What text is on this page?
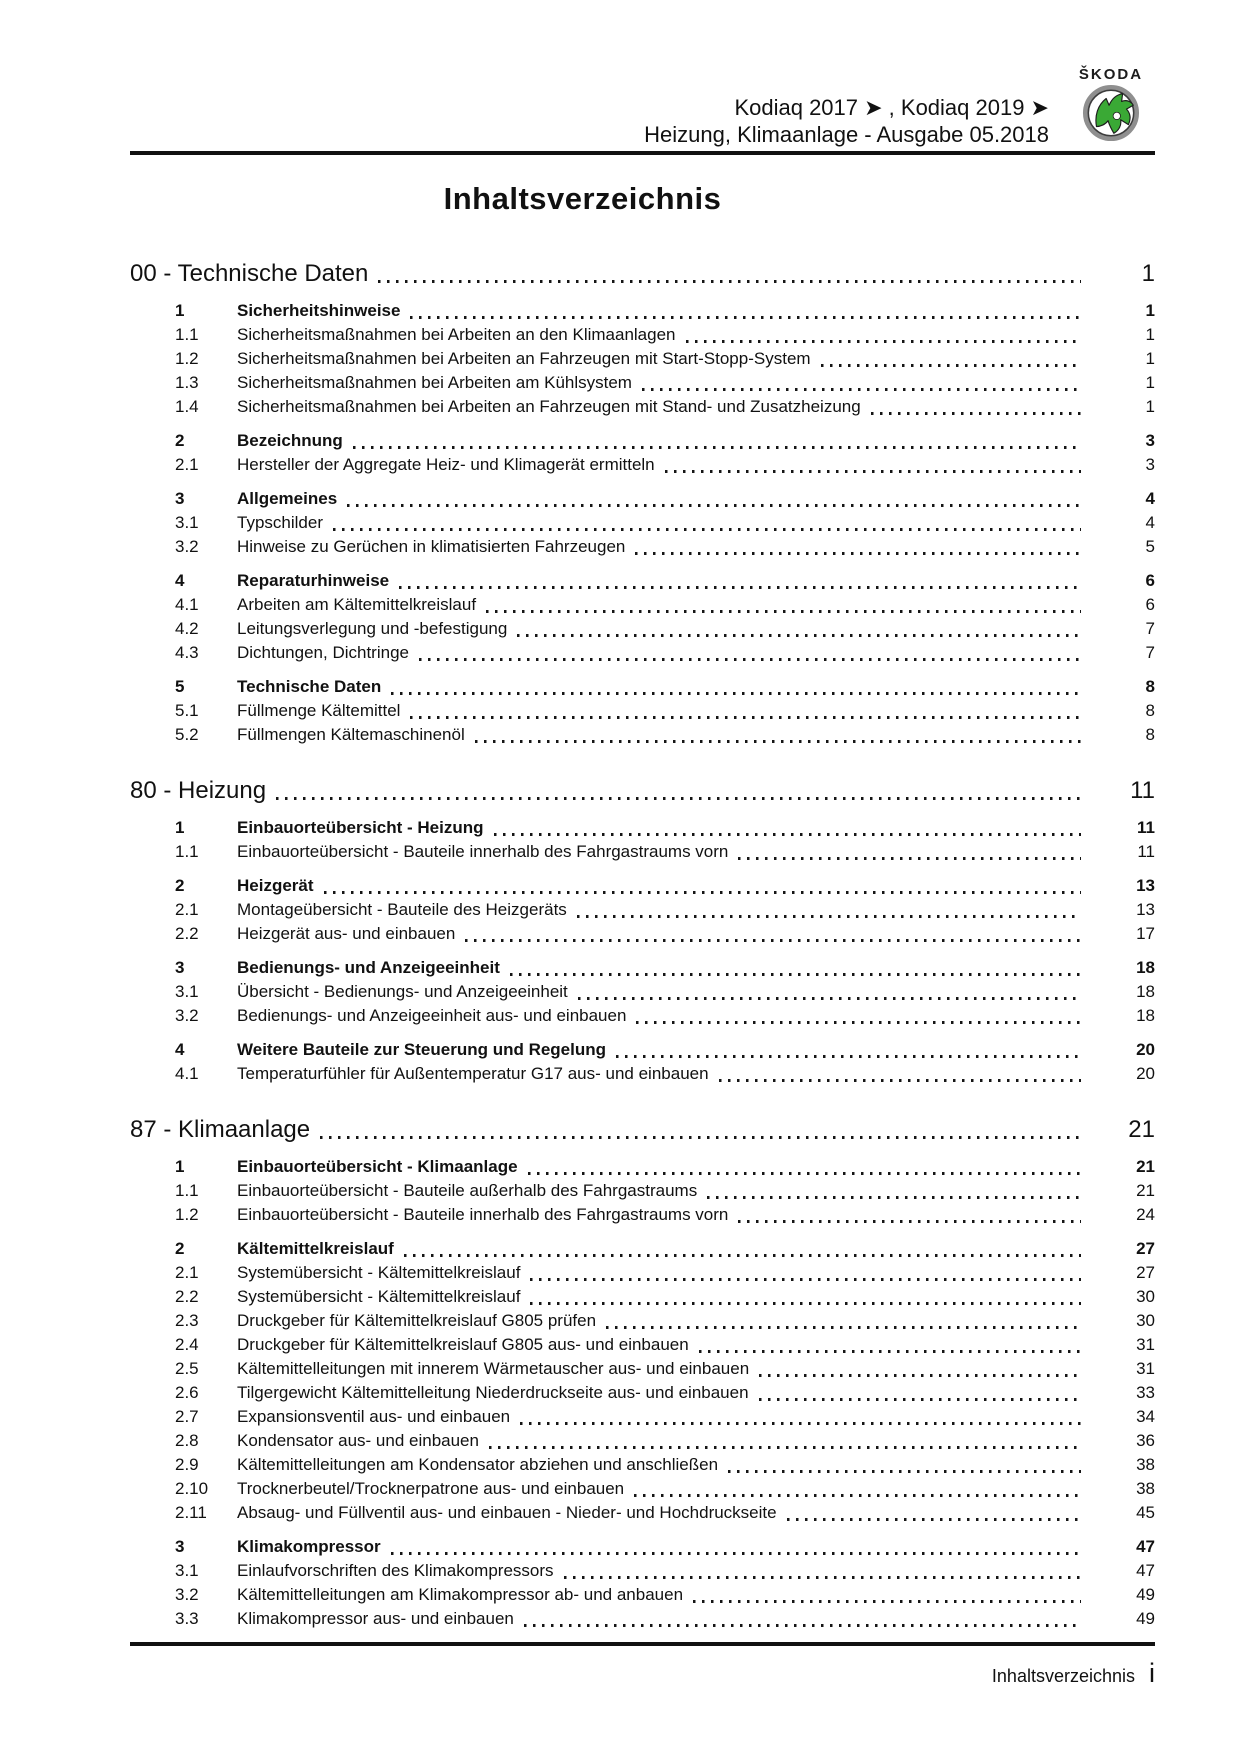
Kodiaq 2017 ➤ , Kodiaq 2019 ➤
Heizung, Klimaanlage - Ausgabe 05.2018
ŠKODA
Inhaltsverzeichnis
00 - Technische Daten	1
1	Sicherheitshinweise	1
1.1	Sicherheitsmaßnahmen bei Arbeiten an den Klimaanlagen	1
1.2	Sicherheitsmaßnahmen bei Arbeiten an Fahrzeugen mit Start-Stopp-System	1
1.3	Sicherheitsmaßnahmen bei Arbeiten am Kühlsystem	1
1.4	Sicherheitsmaßnahmen bei Arbeiten an Fahrzeugen mit Stand- und Zusatzheizung	1
2	Bezeichnung	3
2.1	Hersteller der Aggregate Heiz- und Klimagerät ermitteln	3
3	Allgemeines	4
3.1	Typschilder	4
3.2	Hinweise zu Gerüchen in klimatisierten Fahrzeugen	5
4	Reparaturhinweise	6
4.1	Arbeiten am Kältemittelkreislauf	6
4.2	Leitungsverlegung und -befestigung	7
4.3	Dichtungen, Dichtringe	7
5	Technische Daten	8
5.1	Füllmenge Kältemittel	8
5.2	Füllmengen Kältemaschinenöl	8
80 - Heizung	11
1	Einbauorteübersicht - Heizung	11
1.1	Einbauorteübersicht - Bauteile innerhalb des Fahrgastraums vorn	11
2	Heizgerät	13
2.1	Montageübersicht - Bauteile des Heizgeräts	13
2.2	Heizgerät aus- und einbauen	17
3	Bedienungs- und Anzeigeeinheit	18
3.1	Übersicht - Bedienungs- und Anzeigeeinheit	18
3.2	Bedienungs- und Anzeigeeinheit aus- und einbauen	18
4	Weitere Bauteile zur Steuerung und Regelung	20
4.1	Temperaturfühler für Außentemperatur G17 aus- und einbauen	20
87 - Klimaanlage	21
1	Einbauorteübersicht - Klimaanlage	21
1.1	Einbauorteübersicht - Bauteile außerhalb des Fahrgastraums	21
1.2	Einbauorteübersicht - Bauteile innerhalb des Fahrgastraums vorn	24
2	Kältemittelkreislauf	27
2.1	Systemübersicht - Kältemittelkreislauf	27
2.2	Systemübersicht - Kältemittelkreislauf	30
2.3	Druckgeber für Kältemittelkreislauf G805 prüfen	30
2.4	Druckgeber für Kältemittelkreislauf G805 aus- und einbauen	31
2.5	Kältemittelleitungen mit innerem Wärmetauscher aus- und einbauen	31
2.6	Tilgergewicht Kältemittelleitung Niederdruckseite aus- und einbauen	33
2.7	Expansionsventil aus- und einbauen	34
2.8	Kondensator aus- und einbauen	36
2.9	Kältemittelleitungen am Kondensator abziehen und anschließen	38
2.10	Trocknerbeutel/Trocknerpatrone aus- und einbauen	38
2.11	Absaug- und Füllventil aus- und einbauen - Nieder- und Hochdruckseite	45
3	Klimakompressor	47
3.1	Einlaufvorschriften des Klimakompressors	47
3.2	Kältemittelleitungen am Klimakompressor ab- und anbauen	49
3.3	Klimakompressor aus- und einbauen	49
Inhaltsverzeichnis i
